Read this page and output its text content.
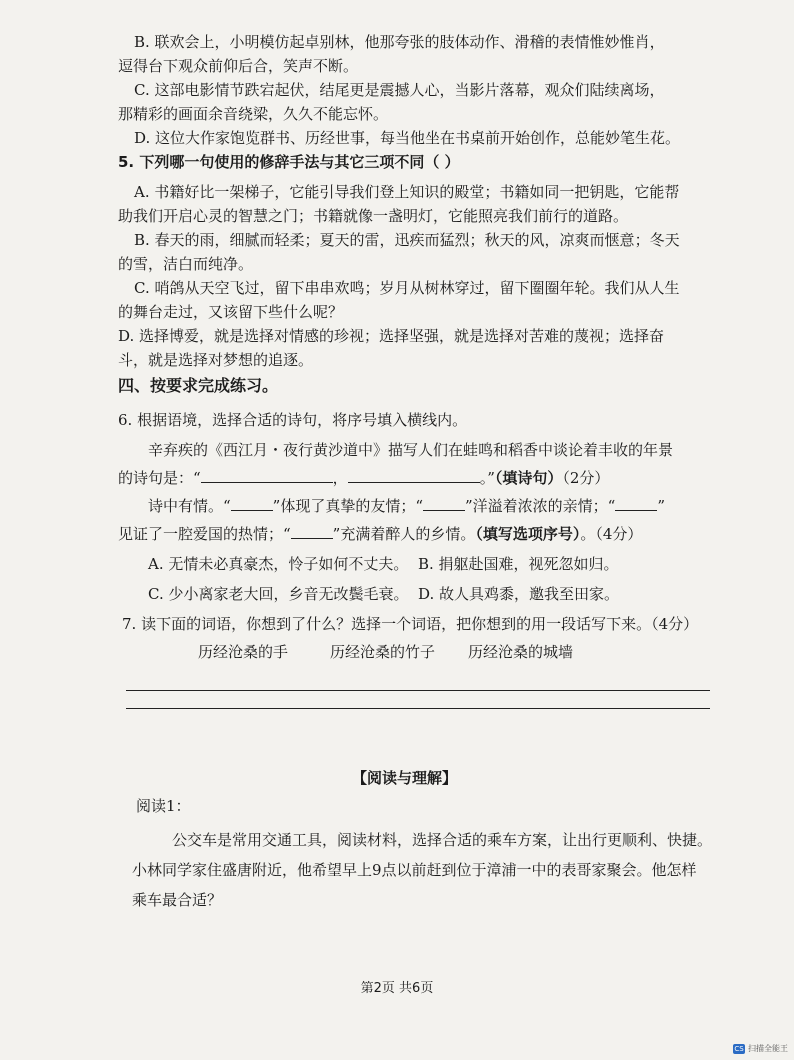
B. 联欢会上，小明模仿起卓别林，他那夸张的肢体动作、滑稽的表情惟妙惟肖，
逗得台下观众前仰后合，笑声不断。
C. 这部电影情节跌宕起伏，结尾更是震撼人心，当影片落幕，观众们陆续离场，
那精彩的画面余音绕梁，久久不能忘怀。
D. 这位大作家饱览群书、历经世事，每当他坐在书桌前开始创作，总能妙笔生花。
5. 下列哪一句使用的修辞手法与其它三项不同（ ）
A. 书籍好比一架梯子，它能引导我们登上知识的殿堂；书籍如同一把钥匙，它能帮
助我们开启心灵的智慧之门；书籍就像一盏明灯，它能照亮我们前行的道路。
B. 春天的雨，细腻而轻柔；夏天的雷，迅疾而猛烈；秋天的风，凉爽而惬意；冬天
的雪，洁白而纯净。
C. 哨鸽从天空飞过，留下串串欢鸣；岁月从树林穿过，留下圈圈年轮。我们从人生
的舞台走过，又该留下些什么呢？
D. 选择博爱，就是选择对情感的珍视；选择坚强，就是选择对苦难的蔑视；选择奋
斗，就是选择对梦想的追逐。
四、按要求完成练习。
6. 根据语境，选择合适的诗句，将序号填入横线内。
辛弃疾的《西江月・夜行黄沙道中》描写人们在蛙鸣和稻香中谈论着丰收的年景
的诗句是：“	，	。”（填诗句）（2分）
诗中有情。“	”体现了真挚的友情；“	”洋溢着浓浓的亲情；“	”
见证了一腔爱国的热情；“	”充满着醉人的乡情。（填写选项序号）。（4分）
A. 无情未必真豪杰，怜子如何不丈夫。 B. 捐躯赴国难，视死忽如归。
C. 少小离家老大回，乡音无改鬓毛衰。 D. 故人具鸡黍，邀我至田家。
7. 读下面的词语，你想到了什么？选择一个词语，把你想到的用一段话写下来。（4分）
历经沧桑的手	历经沧桑的竹子 历经沧桑的城墙
【阅读与理解】
阅读1：
公交车是常用交通工具，阅读材料，选择合适的乘车方案，让出行更顺利、快捷。
小林同学家住盛唐附近，他希望早上9点以前赶到位于漳浦一中的表哥家聚会。他怎样
乘车最合适？
第2页 共6页
CS 扫描全能王
